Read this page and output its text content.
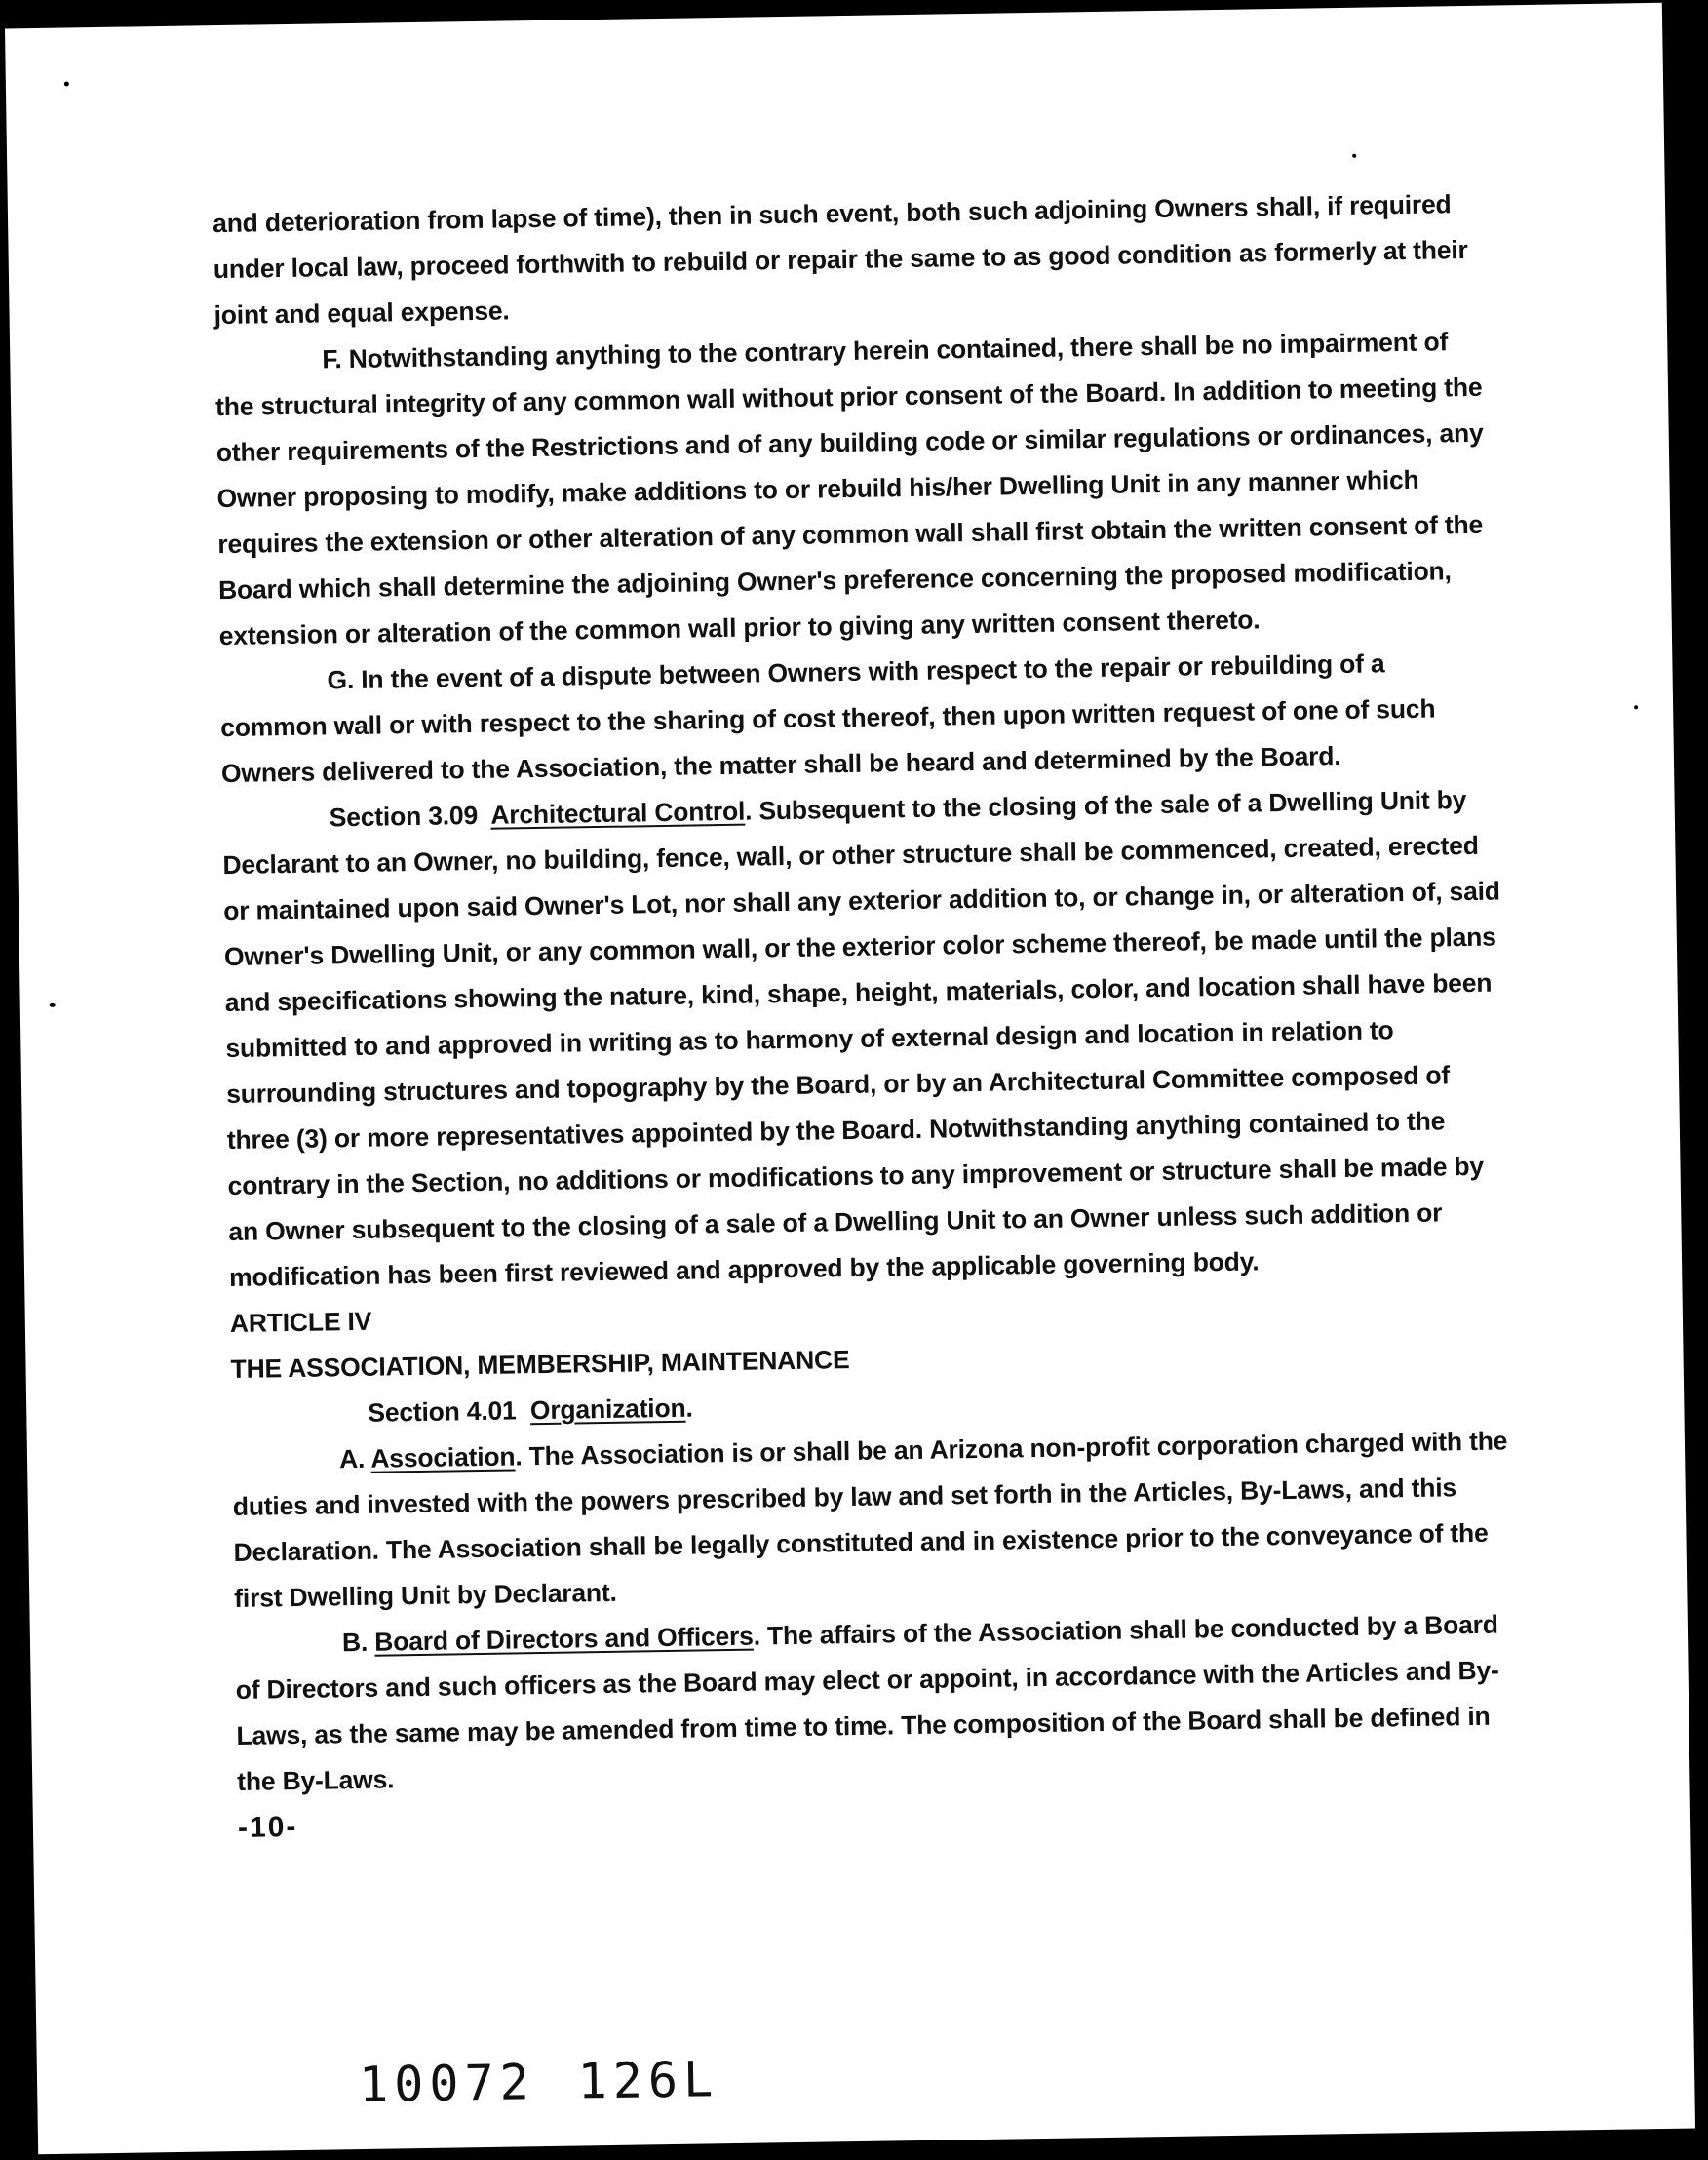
and deterioration from lapse of time), then in such event, both such adjoining Owners shall, if required under local law, proceed forthwith to rebuild or repair the same to as good condition as formerly at their joint and equal expense.

F. Notwithstanding anything to the contrary herein contained, there shall be no impairment of the structural integrity of any common wall without prior consent of the Board. In addition to meeting the other requirements of the Restrictions and of any building code or similar regulations or ordinances, any Owner proposing to modify, make additions to or rebuild his/her Dwelling Unit in any manner which requires the extension or other alteration of any common wall shall first obtain the written consent of the Board which shall determine the adjoining Owner's preference concerning the proposed modification, extension or alteration of the common wall prior to giving any written consent thereto.

G. In the event of a dispute between Owners with respect to the repair or rebuilding of a common wall or with respect to the sharing of cost thereof, then upon written request of one of such Owners delivered to the Association, the matter shall be heard and determined by the Board.

Section 3.09 Architectural Control. Subsequent to the closing of the sale of a Dwelling Unit by Declarant to an Owner, no building, fence, wall, or other structure shall be commenced, created, erected or maintained upon said Owner's Lot, nor shall any exterior addition to, or change in, or alteration of, said Owner's Dwelling Unit, or any common wall, or the exterior color scheme thereof, be made until the plans and specifications showing the nature, kind, shape, height, materials, color, and location shall have been submitted to and approved in writing as to harmony of external design and location in relation to surrounding structures and topography by the Board, or by an Architectural Committee composed of three (3) or more representatives appointed by the Board. Notwithstanding anything contained to the contrary in the Section, no additions or modifications to any improvement or structure shall be made by an Owner subsequent to the closing of a sale of a Dwelling Unit to an Owner unless such addition or modification has been first reviewed and approved by the applicable governing body.

ARTICLE IV

THE ASSOCIATION, MEMBERSHIP, MAINTENANCE

Section 4.01 Organization.

A. Association. The Association is or shall be an Arizona non-profit corporation charged with the duties and invested with the powers prescribed by law and set forth in the Articles, By-Laws, and this Declaration. The Association shall be legally constituted and in existence prior to the conveyance of the first Dwelling Unit by Declarant.

B. Board of Directors and Officers. The affairs of the Association shall be conducted by a Board of Directors and such officers as the Board may elect or appoint, in accordance with the Articles and By-Laws, as the same may be amended from time to time. The composition of the Board shall be defined in the By-Laws.

-10-

10072 126L
